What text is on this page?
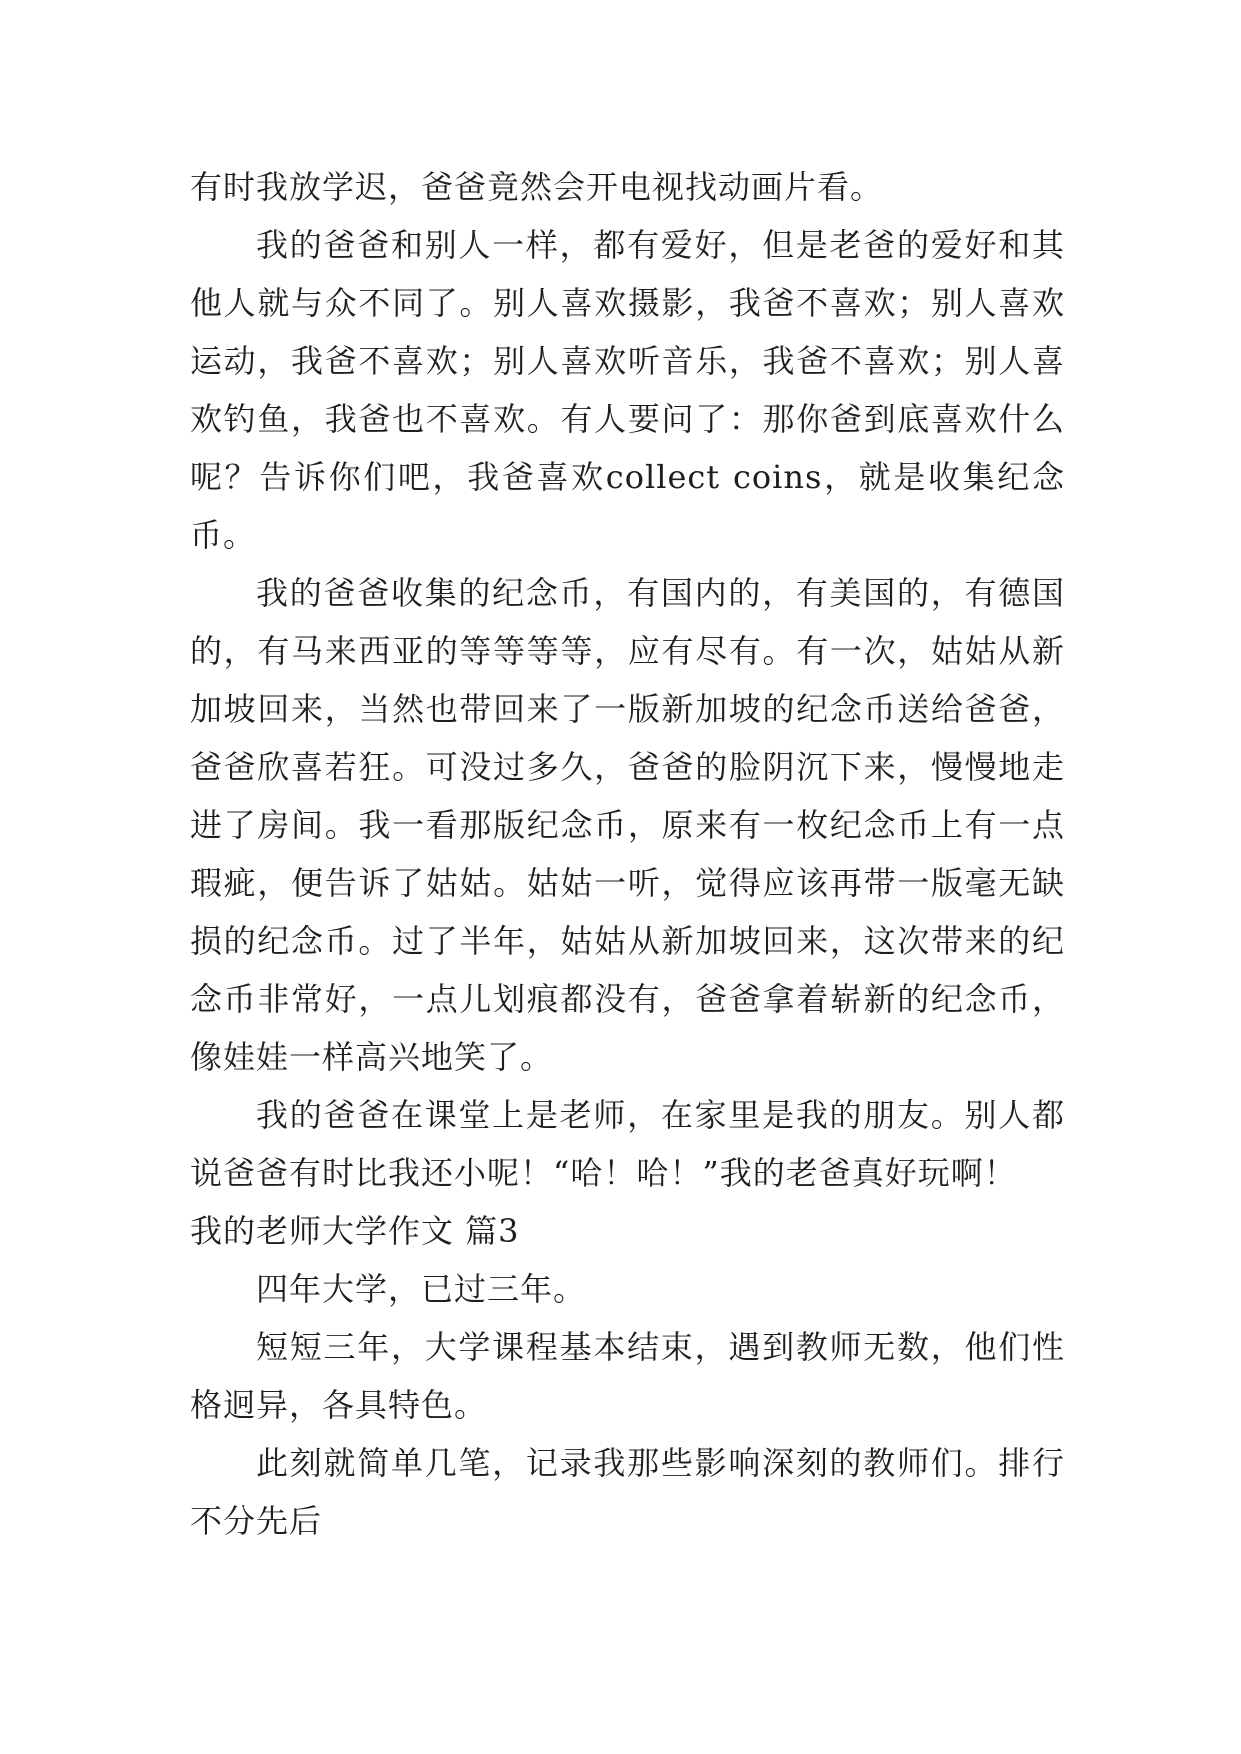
有时我放学迟，爸爸竟然会开电视找动画片看。

我的爸爸和别人一样，都有爱好，但是老爸的爱好和其他人就与众不同了。别人喜欢摄影，我爸不喜欢；别人喜欢运动，我爸不喜欢；别人喜欢听音乐，我爸不喜欢；别人喜欢钓鱼，我爸也不喜欢。有人要问了：那你爸到底喜欢什么呢？告诉你们吧，我爸喜欢collect coins，就是收集纪念币。

我的爸爸收集的纪念币，有国内的，有美国的，有德国的，有马来西亚的等等等等，应有尽有。有一次，姑姑从新加坡回来，当然也带回来了一版新加坡的纪念币送给爸爸，爸爸欣喜若狂。可没过多久，爸爸的脸阴沉下来，慢慢地走进了房间。我一看那版纪念币，原来有一枚纪念币上有一点瑕疵，便告诉了姑姑。姑姑一听，觉得应该再带一版毫无缺损的纪念币。过了半年，姑姑从新加坡回来，这次带来的纪念币非常好，一点儿划痕都没有，爸爸拿着崭新的纪念币，像娃娃一样高兴地笑了。

我的爸爸在课堂上是老师，在家里是我的朋友。别人都说爸爸有时比我还小呢！“哈！哈！”我的老爸真好玩啊！

我的老师大学作文 篇3

四年大学，已过三年。

短短三年，大学课程基本结束，遇到教师无数，他们性格迥异，各具特色。

此刻就简单几笔，记录我那些影响深刻的教师们。排行不分先后
